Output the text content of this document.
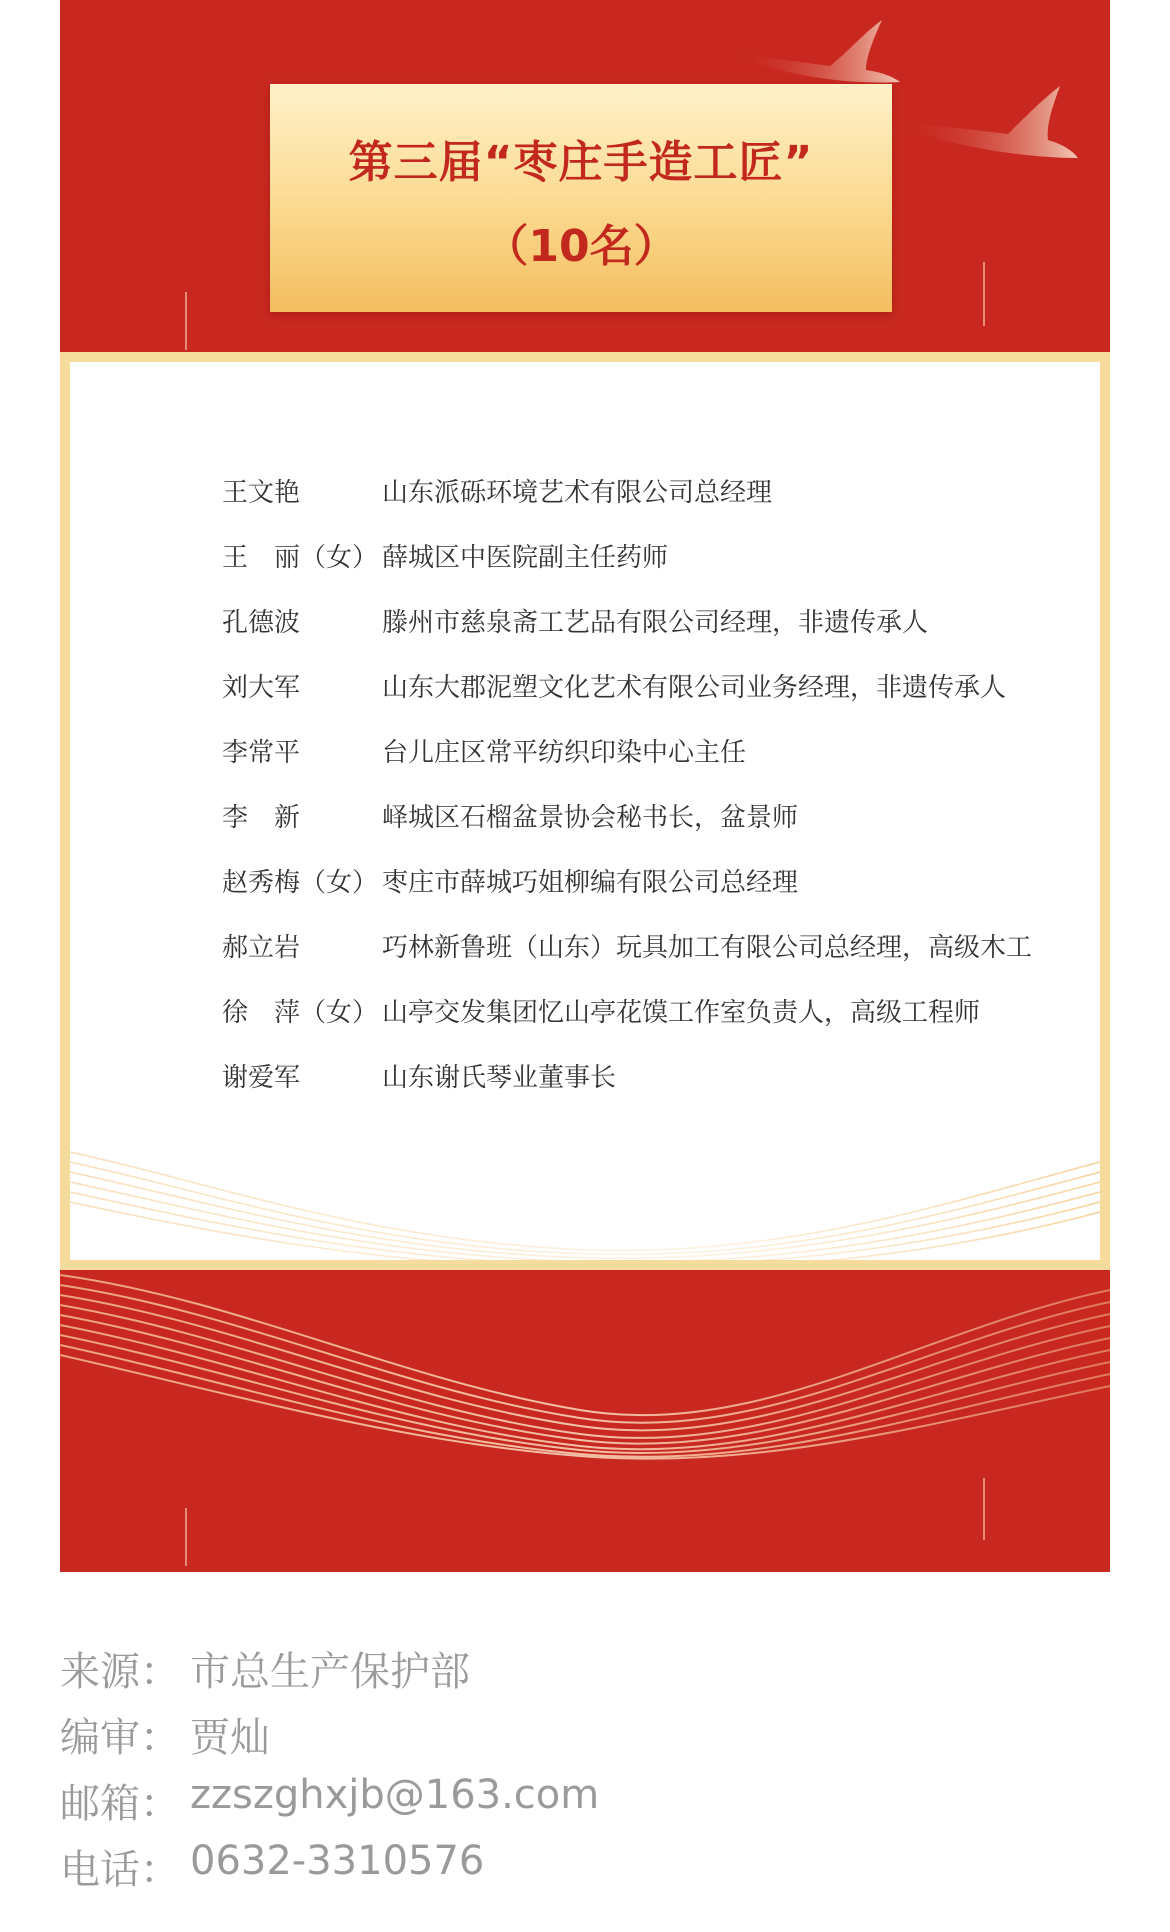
第三届“枣庄手造工匠”
（10名）
王文艳	山东派砾环境艺术有限公司总经理
王　丽（女） 薛城区中医院副主任药师
孔德波	滕州市慈泉斋工艺品有限公司经理，非遗传承人
刘大军	山东大郡泥塑文化艺术有限公司业务经理，非遗传承人
李常平	台儿庄区常平纺织印染中心主任
李　新	峄城区石榴盆景协会秘书长，盆景师
赵秀梅（女） 枣庄市薛城巧姐柳编有限公司总经理
郝立岩	巧林新鲁班（山东）玩具加工有限公司总经理，高级木工
徐　萍（女） 山亭交发集团忆山亭花馍工作室负责人，高级工程师
谢爱军	山东谢氏琴业董事长
来源： 市总生产保护部
编审： 贾灿
邮箱： zzszghxjb@163.com
电话： 0632-3310576
